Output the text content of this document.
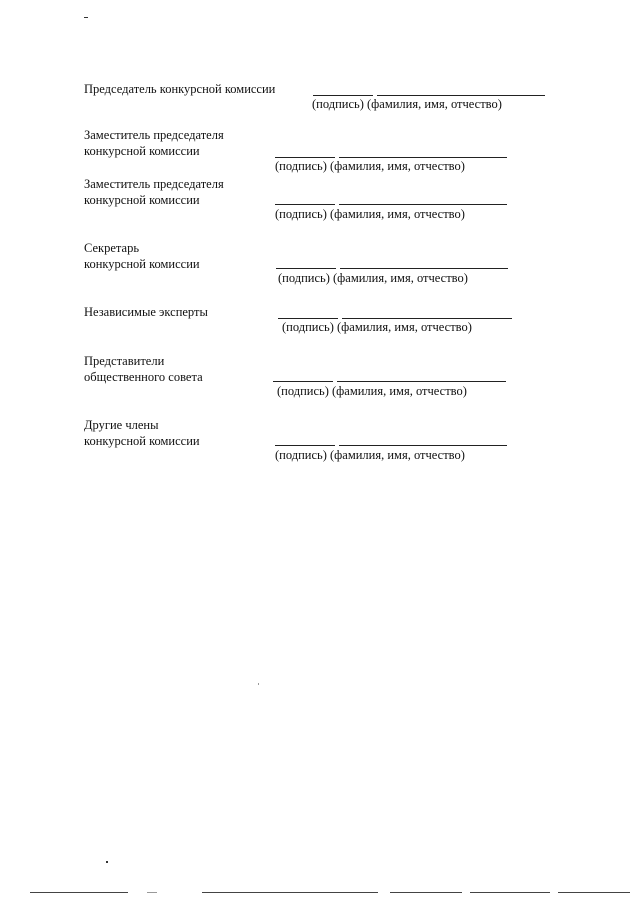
Председатель конкурсной комиссии
(подпись) (фамилия, имя, отчество)
Заместитель председателя
конкурсной комиссии
(подпись) (фамилия, имя, отчество)
Заместитель председателя
конкурсной комиссии
(подпись) (фамилия, имя, отчество)
Секретарь
конкурсной комиссии
(подпись) (фамилия, имя, отчество)
Независимые эксперты
(подпись) (фамилия, имя, отчество)
Представители
общественного совета
(подпись) (фамилия, имя, отчество)
Другие члены
конкурсной комиссии
(подпись) (фамилия, имя, отчество)
